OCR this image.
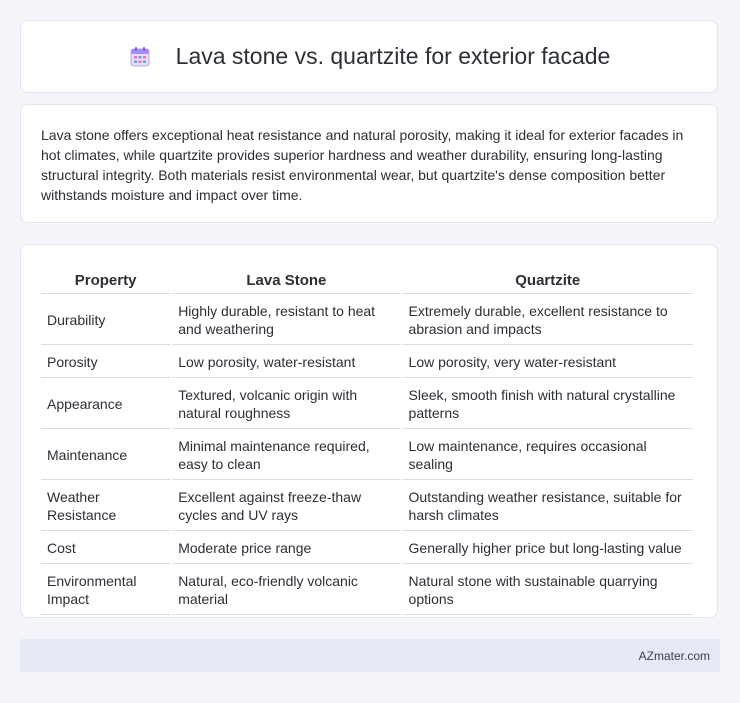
Lava stone vs. quartzite for exterior facade

Lava stone offers exceptional heat resistance and natural porosity, making it ideal for exterior facades in hot climates, while quartzite provides superior hardness and weather durability, ensuring long-lasting structural integrity. Both materials resist environmental wear, but quartzite's dense composition better withstands moisture and impact over time.

Property	Lava Stone	Quartzite
Durability	Highly durable, resistant to heat and weathering	Extremely durable, excellent resistance to abrasion and impacts
Porosity	Low porosity, water-resistant	Low porosity, very water-resistant
Appearance	Textured, volcanic origin with natural roughness	Sleek, smooth finish with natural crystalline patterns
Maintenance	Minimal maintenance required, easy to clean	Low maintenance, requires occasional sealing
Weather Resistance	Excellent against freeze-thaw cycles and UV rays	Outstanding weather resistance, suitable for harsh climates
Cost	Moderate price range	Generally higher price but long-lasting value
Environmental Impact	Natural, eco-friendly volcanic material	Natural stone with sustainable quarrying options
AZmater.com
